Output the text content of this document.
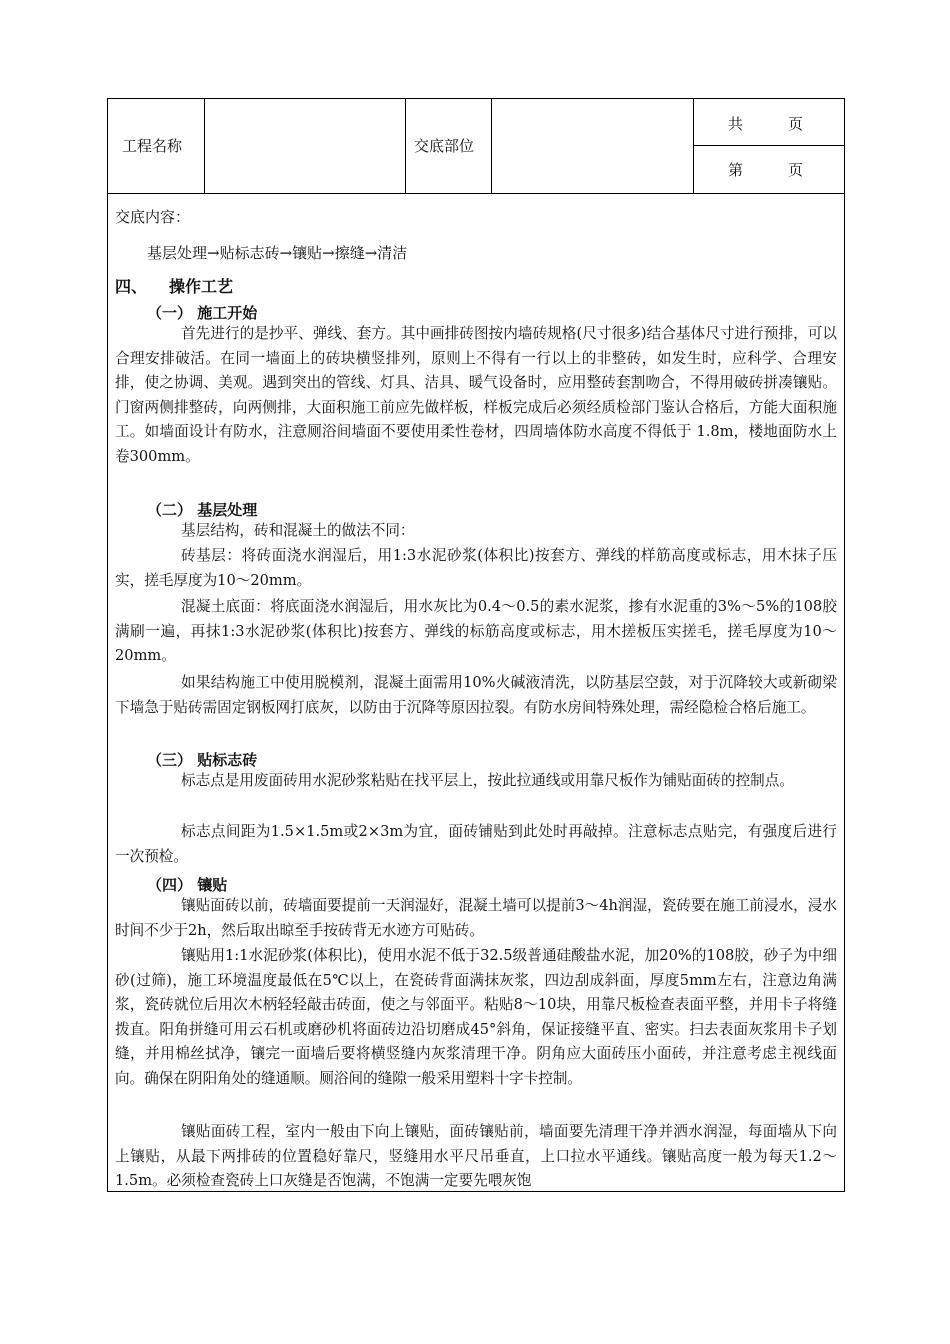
工程名称	交底部位
共　　　页
第　　　页
交底内容：
基层处理→贴标志砖→镶贴→擦缝→清洁
四、 操作工艺
（一） 施工开始

首先进行的是抄平、弹线、套方。其中画排砖图按内墙砖规格(尺寸很多)结合基体尺寸进行预排，可以合理安排破活。在同一墙面上的砖块横竖排列，原则上不得有一行以上的非整砖，如发生时，应科学、合理安排，使之协调、美观。遇到突出的管线、灯具、洁具、暖气设备时，应用整砖套割吻合，不得用破砖拼凑镶贴。门窗两侧排整砖，向两侧排，大面积施工前应先做样板，样板完成后必须经质检部门鉴认合格后，方能大面积施工。如墙面设计有防水，注意厕浴间墙面不要使用柔性卷材，四周墙体防水高度不得低于 1.8m，楼地面防水上卷300mm。

（二） 基层处理

基层结构，砖和混凝土的做法不同：

砖基层：将砖面浇水润湿后，用1:3水泥砂浆(体积比)按套方、弹线的样筋高度或标志，用木抹子压实，搓毛厚度为10～20mm。

混凝土底面：将底面浇水润湿后，用水灰比为0.4～0.5的素水泥浆，掺有水泥重的3%～5%的108胶满刷一遍，再抹1:3水泥砂浆(体积比)按套方、弹线的标筋高度或标志，用木搓板压实搓毛，搓毛厚度为10～20mm。

如果结构施工中使用脱模剂，混凝土面需用10%火碱液清洗，以防基层空鼓，对于沉降较大或新砌梁下墙急于贴砖需固定钢板网打底灰，以防由于沉降等原因拉裂。有防水房间特殊处理，需经隐检合格后施工。

（三） 贴标志砖

标志点是用废面砖用水泥砂浆粘贴在找平层上，按此拉通线或用靠尺板作为铺贴面砖的控制点。

标志点间距为1.5×1.5m或2×3m为宜，面砖铺贴到此处时再敲掉。注意标志点贴完，有强度后进行一次预检。

（四） 镶贴

镶贴面砖以前，砖墙面要提前一天润湿好，混凝土墙可以提前3～4h润湿，瓷砖要在施工前浸水，浸水时间不少于2h，然后取出晾至手按砖背无水迹方可贴砖。

镶贴用1:1水泥砂浆(体积比)，使用水泥不低于32.5级普通硅酸盐水泥，加20%的108胶，砂子为中细砂(过筛)，施工环境温度最低在5℃以上，在瓷砖背面满抹灰浆，四边刮成斜面，厚度5mm左右，注意边角满浆，瓷砖就位后用次木柄轻轻敲击砖面，使之与邻面平。粘贴8～10块，用靠尺板检查表面平整，并用卡子将缝拨直。阳角拼缝可用云石机或磨砂机将面砖边沿切磨成45°斜角，保证接缝平直、密实。扫去表面灰浆用卡子划缝，并用棉丝拭净，镶完一面墙后要将横竖缝内灰浆清理干净。阴角应大面砖压小面砖，并注意考虑主视线面向。确保在阴阳角处的缝通顺。厕浴间的缝隙一般采用塑料十字卡控制。

镶贴面砖工程，室内一般由下向上镶贴，面砖镶贴前，墙面要先清理干净并洒水润湿，每面墙从下向上镶贴，从最下两排砖的位置稳好靠尺，竖缝用水平尺吊垂直，上口拉水平通线。镶贴高度一般为每天1.2～1.5m。必须检查瓷砖上口灰缝是否饱满，不饱满一定要先喂灰饱
